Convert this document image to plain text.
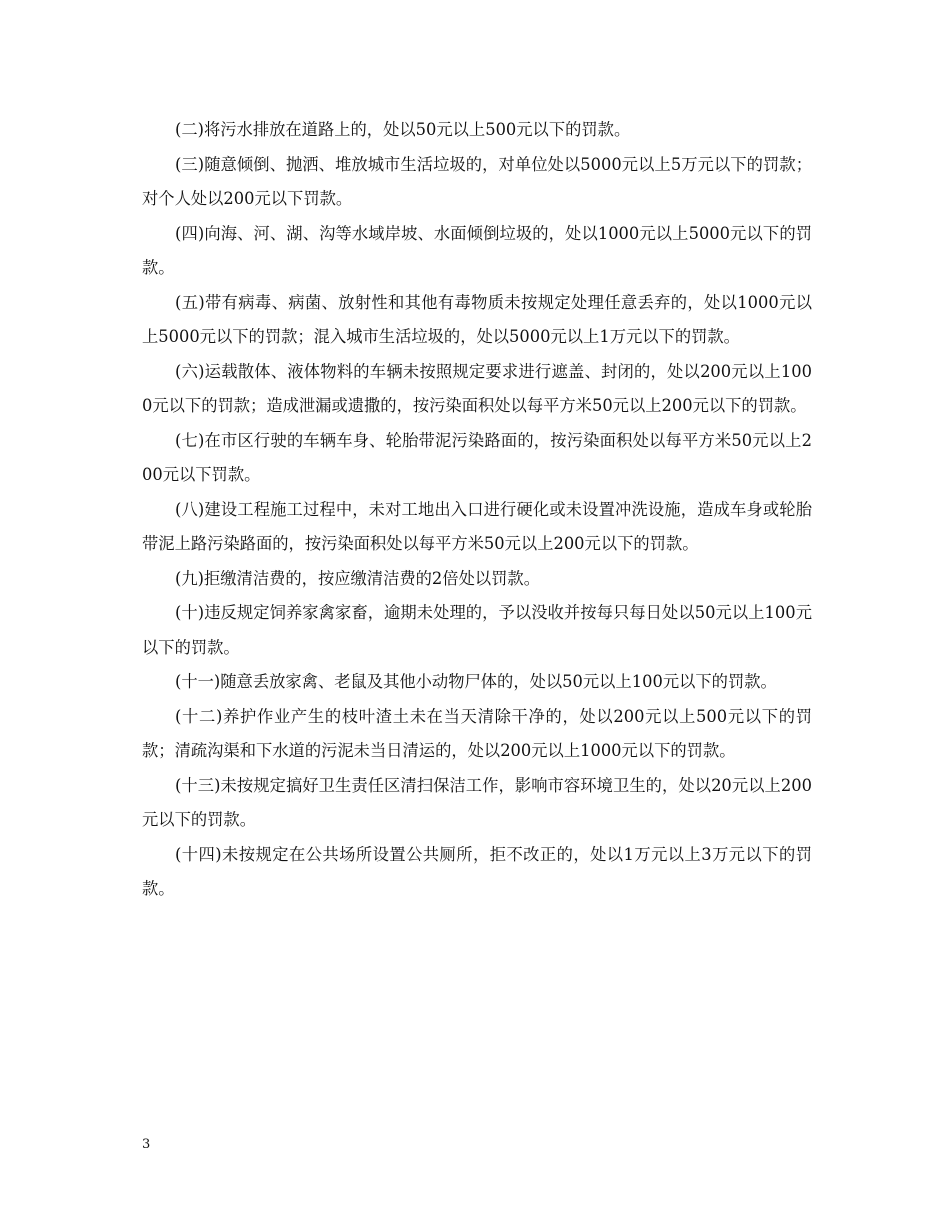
(二)将污水排放在道路上的，处以50元以上500元以下的罚款。

(三)随意倾倒、抛洒、堆放城市生活垃圾的，对单位处以5000元以上5万元以下的罚款；对个人处以200元以下罚款。

(四)向海、河、湖、沟等水域岸坡、水面倾倒垃圾的，处以1000元以上5000元以下的罚款。

(五)带有病毒、病菌、放射性和其他有毒物质未按规定处理任意丢弃的，处以1000元以上5000元以下的罚款；混入城市生活垃圾的，处以5000元以上1万元以下的罚款。

(六)运载散体、液体物料的车辆未按照规定要求进行遮盖、封闭的，处以200元以上1000元以下的罚款；造成泄漏或遗撒的，按污染面积处以每平方米50元以上200元以下的罚款。

(七)在市区行驶的车辆车身、轮胎带泥污染路面的，按污染面积处以每平方米50元以上200元以下罚款。

(八)建设工程施工过程中，未对工地出入口进行硬化或未设置冲洗设施，造成车身或轮胎带泥上路污染路面的，按污染面积处以每平方米50元以上200元以下的罚款。

(九)拒缴清洁费的，按应缴清洁费的2倍处以罚款。

(十)违反规定饲养家禽家畜，逾期未处理的，予以没收并按每只每日处以50元以上100元以下的罚款。

(十一)随意丢放家禽、老鼠及其他小动物尸体的，处以50元以上100元以下的罚款。

(十二)养护作业产生的枝叶渣土未在当天清除干净的，处以200元以上500元以下的罚款；清疏沟渠和下水道的污泥未当日清运的，处以200元以上1000元以下的罚款。

(十三)未按规定搞好卫生责任区清扫保洁工作，影响市容环境卫生的，处以20元以上200元以下的罚款。

(十四)未按规定在公共场所设置公共厕所，拒不改正的，处以1万元以上3万元以下的罚款。

3
